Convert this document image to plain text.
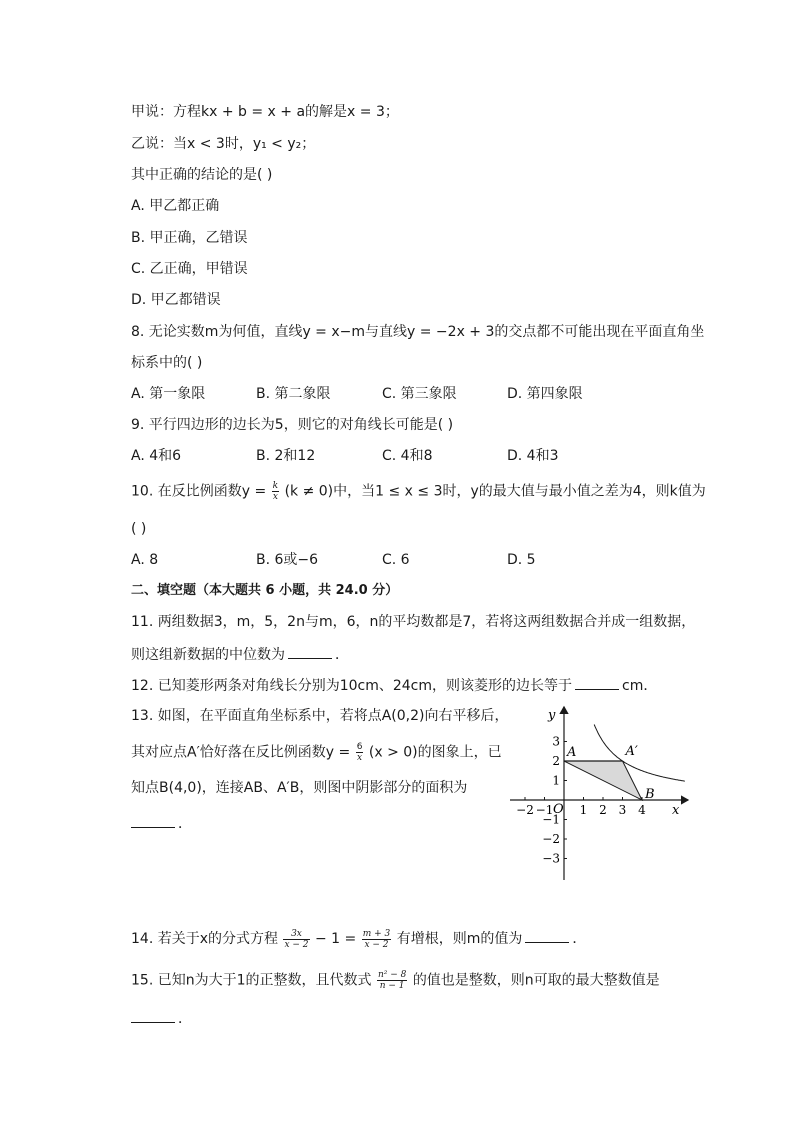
甲说：方程kx + b = x + a的解是x = 3；
乙说：当x < 3时，y₁ < y₂；
其中正确的结论的是( )
A. 甲乙都正确
B. 甲正确，乙错误
C. 乙正确，甲错误
D. 甲乙都错误
8. 无论实数m为何值，直线y = x−m与直线y = −2x + 3的交点都不可能出现在平面直角坐
标系中的( )
A. 第一象限	B. 第二象限	C. 第三象限	D. 第四象限
9. 平行四边形的边长为5，则它的对角线长可能是( )
A. 4和6	B. 2和12	C. 4和8	D. 4和3
10. 在反比例函数$y = \frac{k}{x} (k \ne 0)$中，当1 ≤ x ≤ 3时，y的最大值与最小值之差为4，则k值为
( )
A. 8	B. 6或−6	C. 6	D. 5
二、填空题（本大题共 6 小题，共 24.0 分）
11. 两组数据3，m，5，2n与m，6，n的平均数都是7，若将这两组数据合并成一组数据，
则这组新数据的中位数为	．
12. 已知菱形两条对角线长分别为10cm、24cm，则该菱形的边长等于	cm．
13. 如图，在平面直角坐标系中，若将点A(0,2)向右平移后，
其对应点A′恰好落在反比例函数$y = \frac{6}{x} (x > 0)$的图象上，已
知点B(4,0)，连接AB、A′B，则图中阴影部分的面积为
．
−2 −1 1 2 3 4
3
2
1
−1
−2
−3
x
y
O
A	A′
B
14. 若关于x的分式方程 $\frac{3x}{x - 2} - 1 = \frac{m + 3}{x - 2}$ 有增根，则m的值为	．
15. 已知n为大于1的正整数，且代数式 $\frac{\text{n² − 8}}{n - 1}$ 的值也是整数，则n可取的最大整数值是
．
